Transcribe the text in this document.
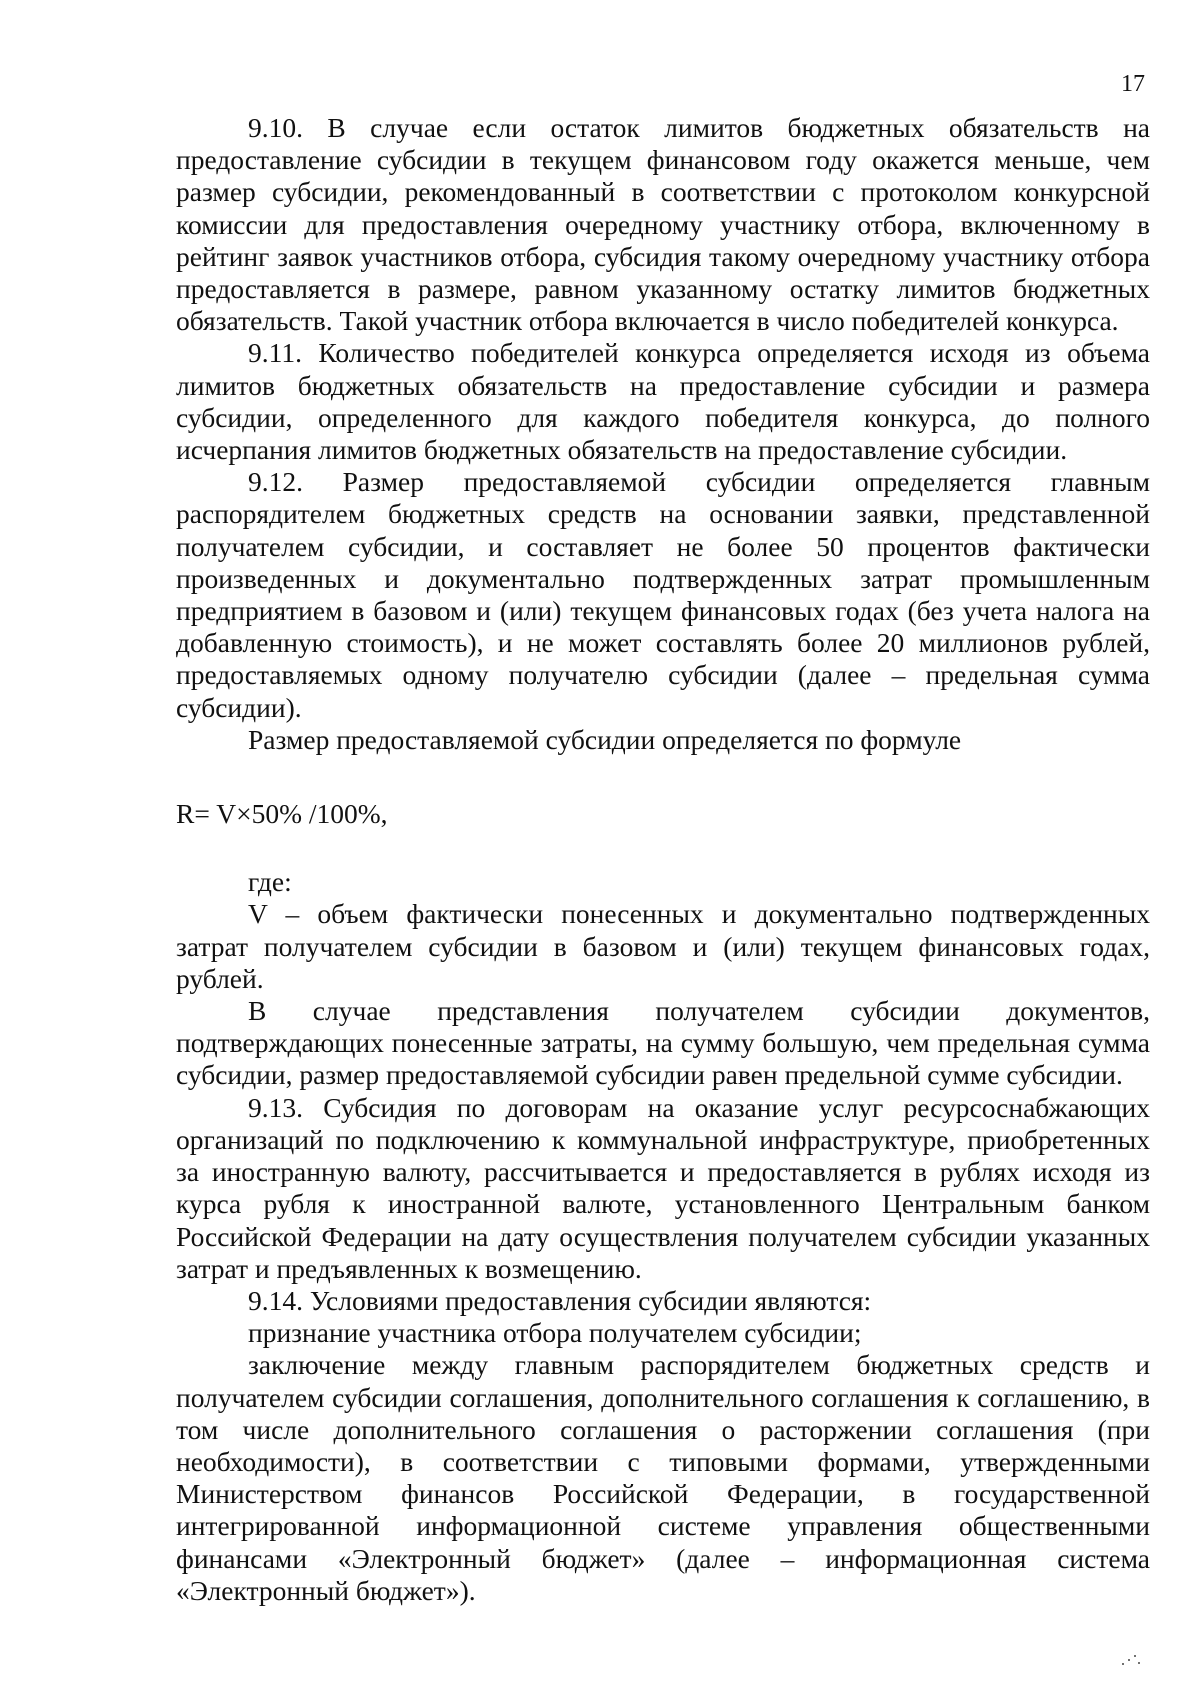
17

9.10. В случае если остаток лимитов бюджетных обязательств на предоставление субсидии в текущем финансовом году окажется меньше, чем размер субсидии, рекомендованный в соответствии с протоколом конкурсной комиссии для предоставления очередному участнику отбора, включенному в рейтинг заявок участников отбора, субсидия такому очередному участнику отбора предоставляется в размере, равном указанному остатку лимитов бюджетных обязательств. Такой участник отбора включается в число победителей конкурса.

9.11. Количество победителей конкурса определяется исходя из объема лимитов бюджетных обязательств на предоставление субсидии и размера субсидии, определенного для каждого победителя конкурса, до полного исчерпания лимитов бюджетных обязательств на предоставление субсидии.

9.12. Размер предоставляемой субсидии определяется главным распорядителем бюджетных средств на основании заявки, представленной получателем субсидии, и составляет не более 50 процентов фактически произведенных и документально подтвержденных затрат промышленным предприятием в базовом и (или) текущем финансовых годах (без учета налога на добавленную стоимость), и не может составлять более 20 миллионов рублей, предоставляемых одному получателю субсидии (далее – предельная сумма субсидии).

Размер предоставляемой субсидии определяется по формуле

R= V×50% /100%,

где:

V – объем фактически понесенных и документально подтвержденных затрат получателем субсидии в базовом и (или) текущем финансовых годах, рублей.

В случае представления получателем субсидии документов, подтверждающих понесенные затраты, на сумму большую, чем предельная сумма субсидии, размер предоставляемой субсидии равен предельной сумме субсидии.

9.13. Субсидия по договорам на оказание услуг ресурсоснабжающих организаций по подключению к коммунальной инфраструктуре, приобретенных за иностранную валюту, рассчитывается и предоставляется в рублях исходя из курса рубля к иностранной валюте, установленного Центральным банком Российской Федерации на дату осуществления получателем субсидии указанных затрат и предъявленных к возмещению.

9.14. Условиями предоставления субсидии являются:

признание участника отбора получателем субсидии;

заключение между главным распорядителем бюджетных средств и получателем субсидии соглашения, дополнительного соглашения к соглашению, в том числе дополнительного соглашения о расторжении соглашения (при необходимости), в соответствии с типовыми формами, утвержденными Министерством финансов Российской Федерации, в государственной интегрированной информационной системе управления общественными финансами «Электронный бюджет» (далее – информационная система «Электронный бюджет»).
